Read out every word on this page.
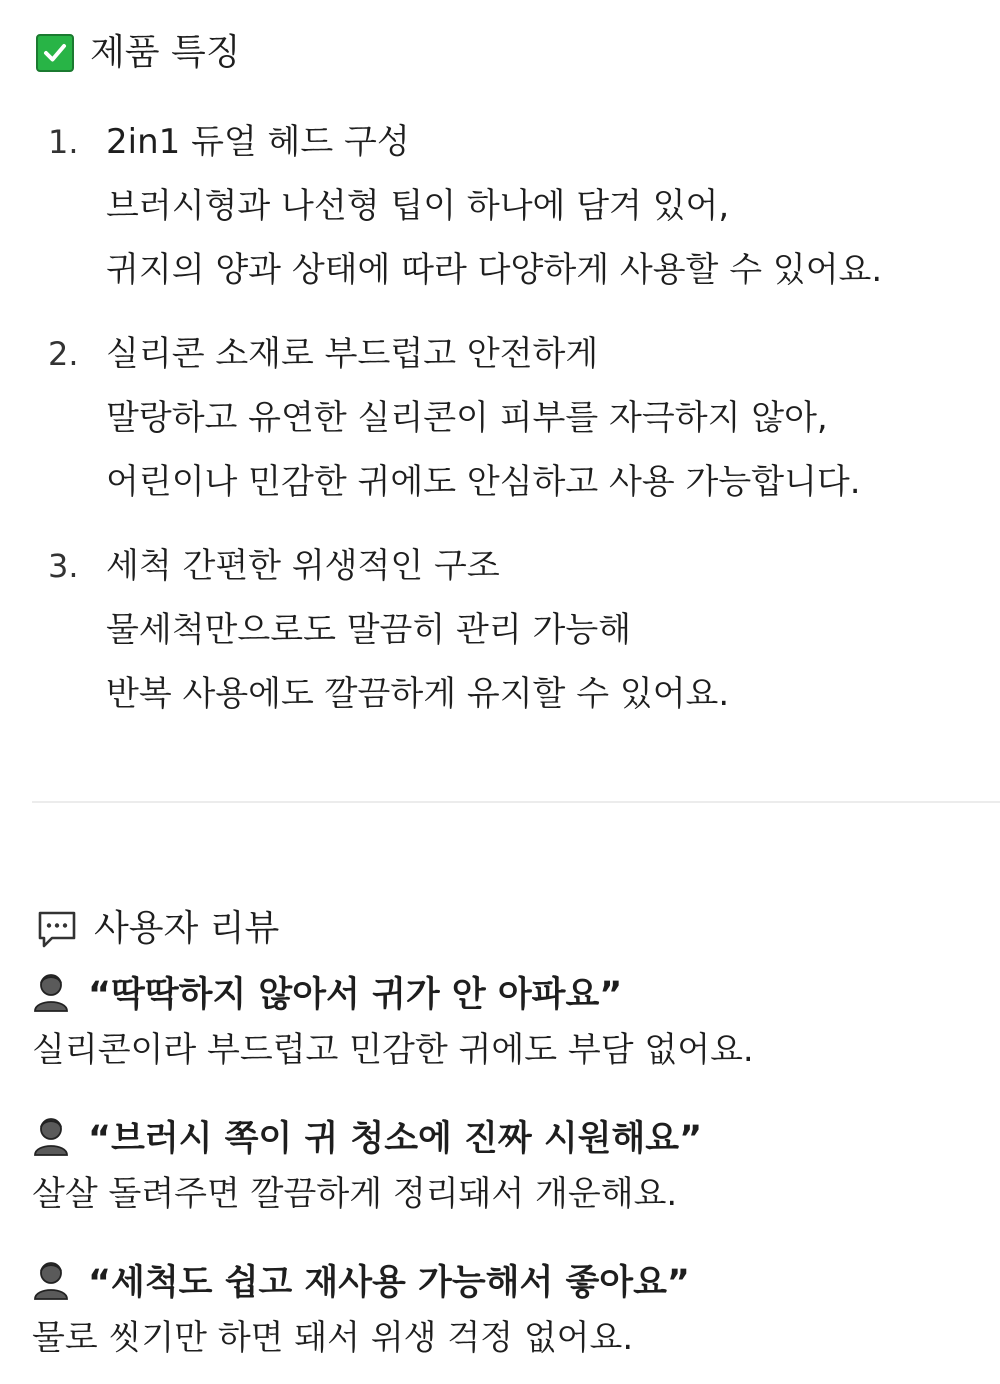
제품 특징
1. 2in1 듀얼 헤드 구성
브러시형과 나선형 팁이 하나에 담겨 있어,
귀지의 양과 상태에 따라 다양하게 사용할 수 있어요.
2. 실리콘 소재로 부드럽고 안전하게
말랑하고 유연한 실리콘이 피부를 자극하지 않아,
어린이나 민감한 귀에도 안심하고 사용 가능합니다.
3. 세척 간편한 위생적인 구조
물세척만으로도 말끔히 관리 가능해
반복 사용에도 깔끔하게 유지할 수 있어요.
사용자 리뷰
“딱딱하지 않아서 귀가 안 아파요”
실리콘이라 부드럽고 민감한 귀에도 부담 없어요.
“브러시 쪽이 귀 청소에 진짜 시원해요”
살살 돌려주면 깔끔하게 정리돼서 개운해요.
“세척도 쉽고 재사용 가능해서 좋아요”
물로 씻기만 하면 돼서 위생 걱정 없어요.
